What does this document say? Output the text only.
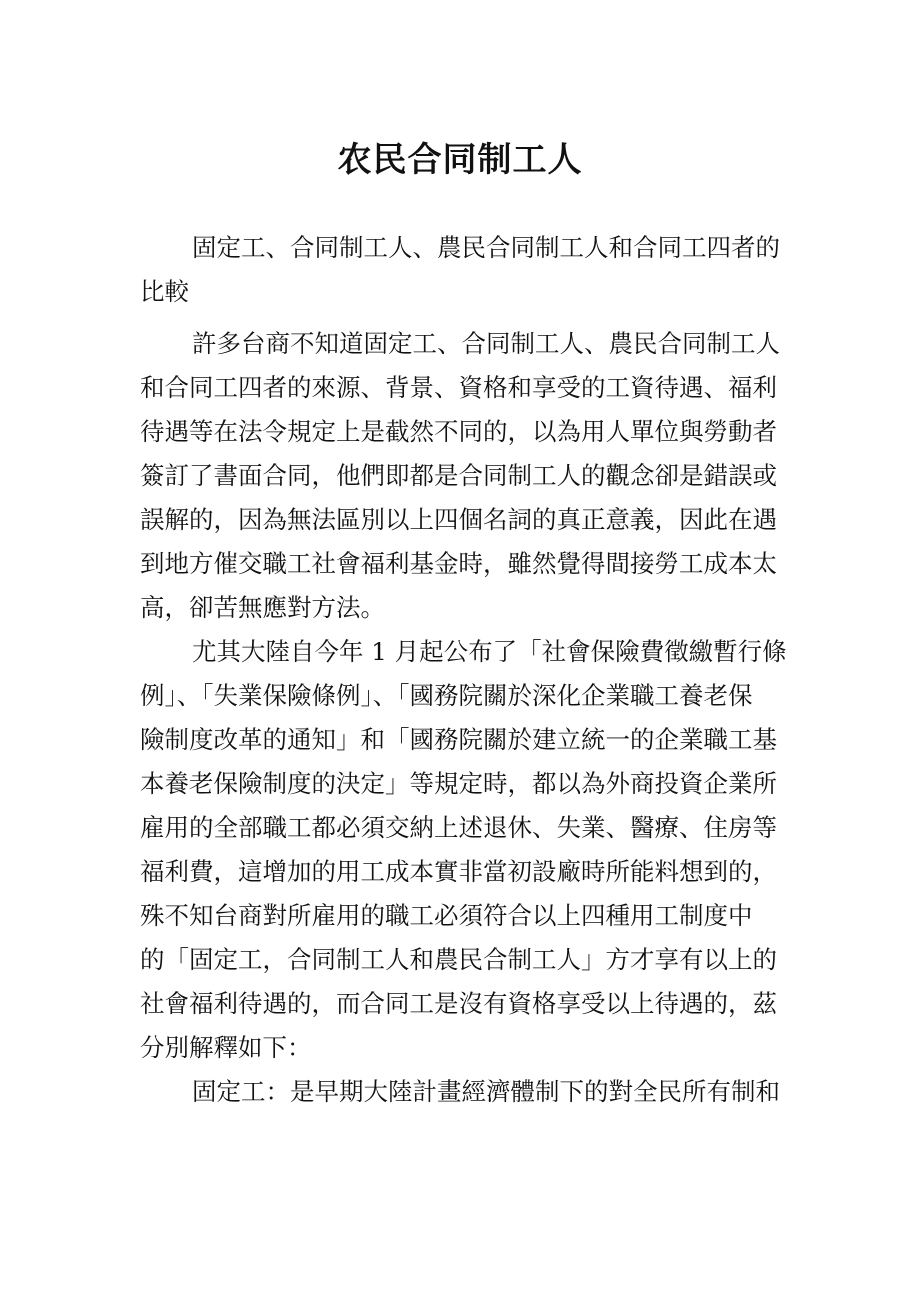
农民合同制工人

固定工、合同制工人、農民合同制工人和合同工四者的
比較

許多台商不知道固定工、合同制工人、農民合同制工人
和合同工四者的來源、背景、資格和享受的工資待遇、福利
待遇等在法令規定上是截然不同的，以為用人單位與勞動者
簽訂了書面合同，他們即都是合同制工人的觀念卻是錯誤或
誤解的，因為無法區別以上四個名詞的真正意義，因此在遇
到地方催交職工社會福利基金時，雖然覺得間接勞工成本太
高，卻苦無應對方法。

尤其大陸自今年 1 月起公布了「社會保險費徵繳暫行條
例」、「失業保險條例」、「國務院關於深化企業職工養老保
險制度改革的通知」和「國務院關於建立統一的企業職工基
本養老保險制度的決定」等規定時，都以為外商投資企業所
雇用的全部職工都必須交納上述退休、失業、醫療、住房等
福利費，這增加的用工成本實非當初設廠時所能料想到的，
殊不知台商對所雇用的職工必須符合以上四種用工制度中
的「固定工，合同制工人和農民合制工人」方才享有以上的
社會福利待遇的，而合同工是沒有資格享受以上待遇的，茲
分別解釋如下：

固定工：是早期大陸計畫經濟體制下的對全民所有制和
